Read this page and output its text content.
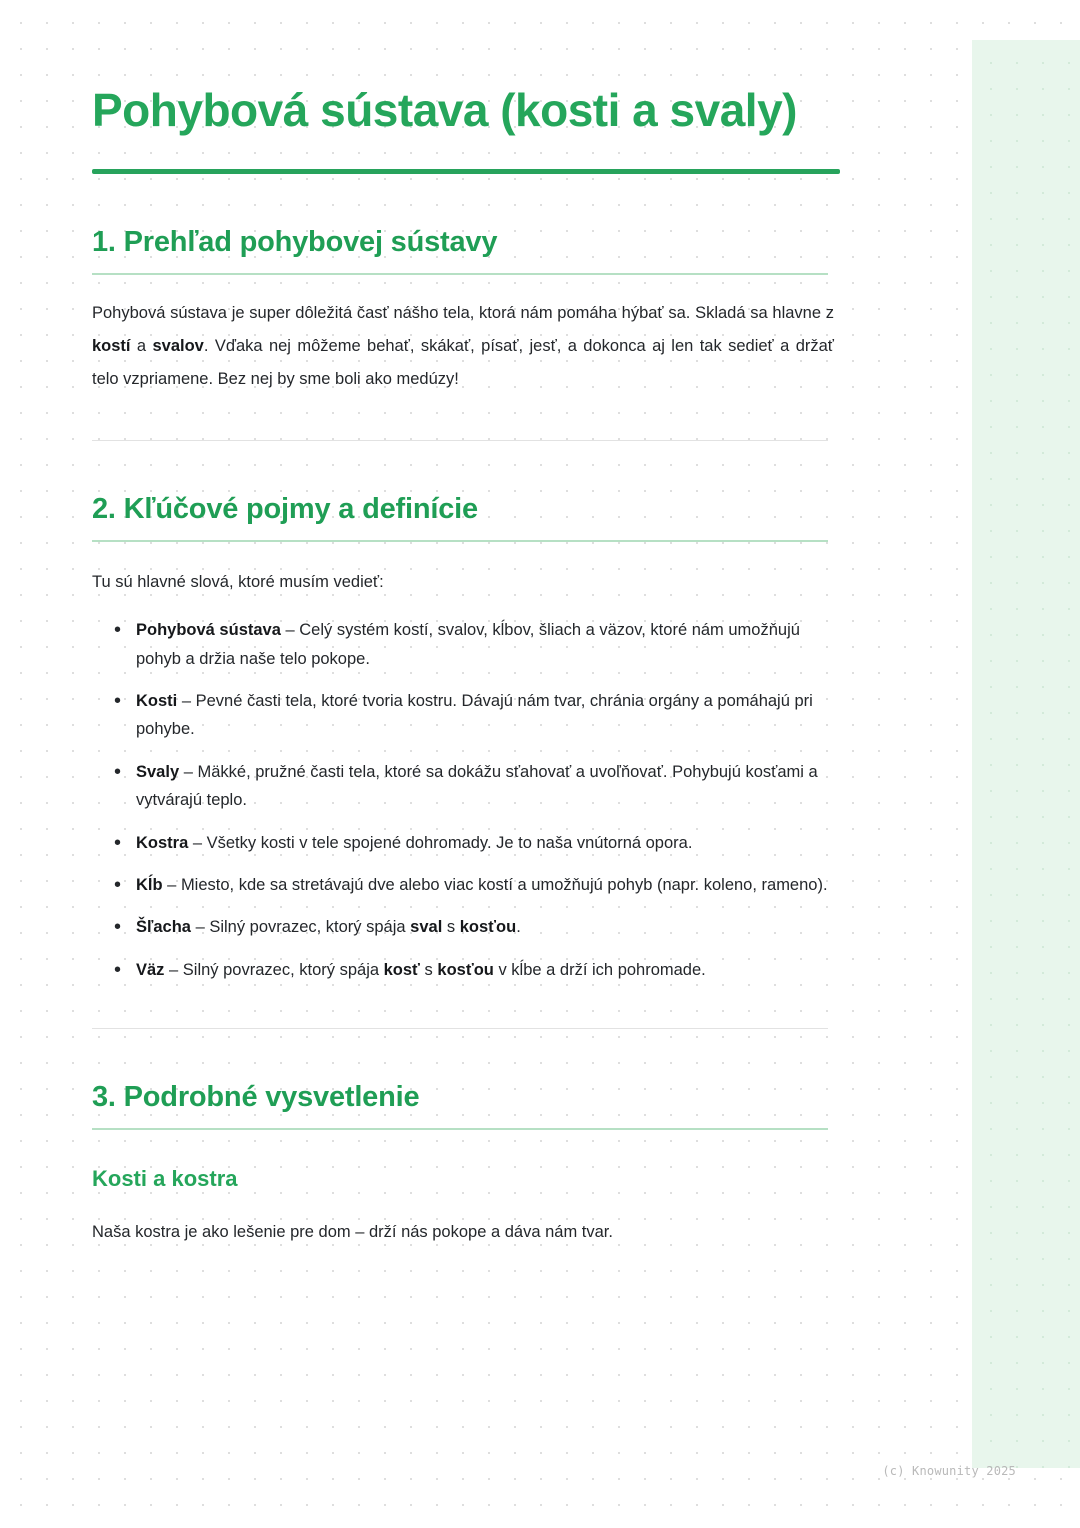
Pohybová sústava (kosti a svaly)
1. Prehľad pohybovej sústavy

Pohybová sústava je super dôležitá časť nášho tela, ktorá nám pomáha hýbať sa. Skladá sa hlavne z kostí a svalov. Vďaka nej môžeme behať, skákať, písať, jesť, a dokonca aj len tak sedieť a držať telo vzpriamene. Bez nej by sme boli ako medúzy!

2. Kľúčové pojmy a definície

Tu sú hlavné slová, ktoré musím vedieť:

• Pohybová sústava – Celý systém kostí, svalov, kĺbov, šliach a väzov, ktoré nám umožňujú pohyb a držia naše telo pokope.
• Kosti – Pevné časti tela, ktoré tvoria kostru. Dávajú nám tvar, chránia orgány a pomáhajú pri pohybe.
• Svaly – Mäkké, pružné časti tela, ktoré sa dokážu sťahovať a uvoľňovať. Pohybujú kosťami a vytvárajú teplo.
• Kostra – Všetky kosti v tele spojené dohromady. Je to naša vnútorná opora.
• Kĺb – Miesto, kde sa stretávajú dve alebo viac kostí a umožňujú pohyb (napr. koleno, rameno).
• Šľacha – Silný povrazec, ktorý spája sval s kosťou.
• Väz – Silný povrazec, ktorý spája kosť s kosťou v kĺbe a drží ich pohromade.
3. Podrobné vysvetlenie
Kosti a kostra

Naša kostra je ako lešenie pre dom – drží nás pokope a dáva nám tvar.

(c) Knowunity 2025
